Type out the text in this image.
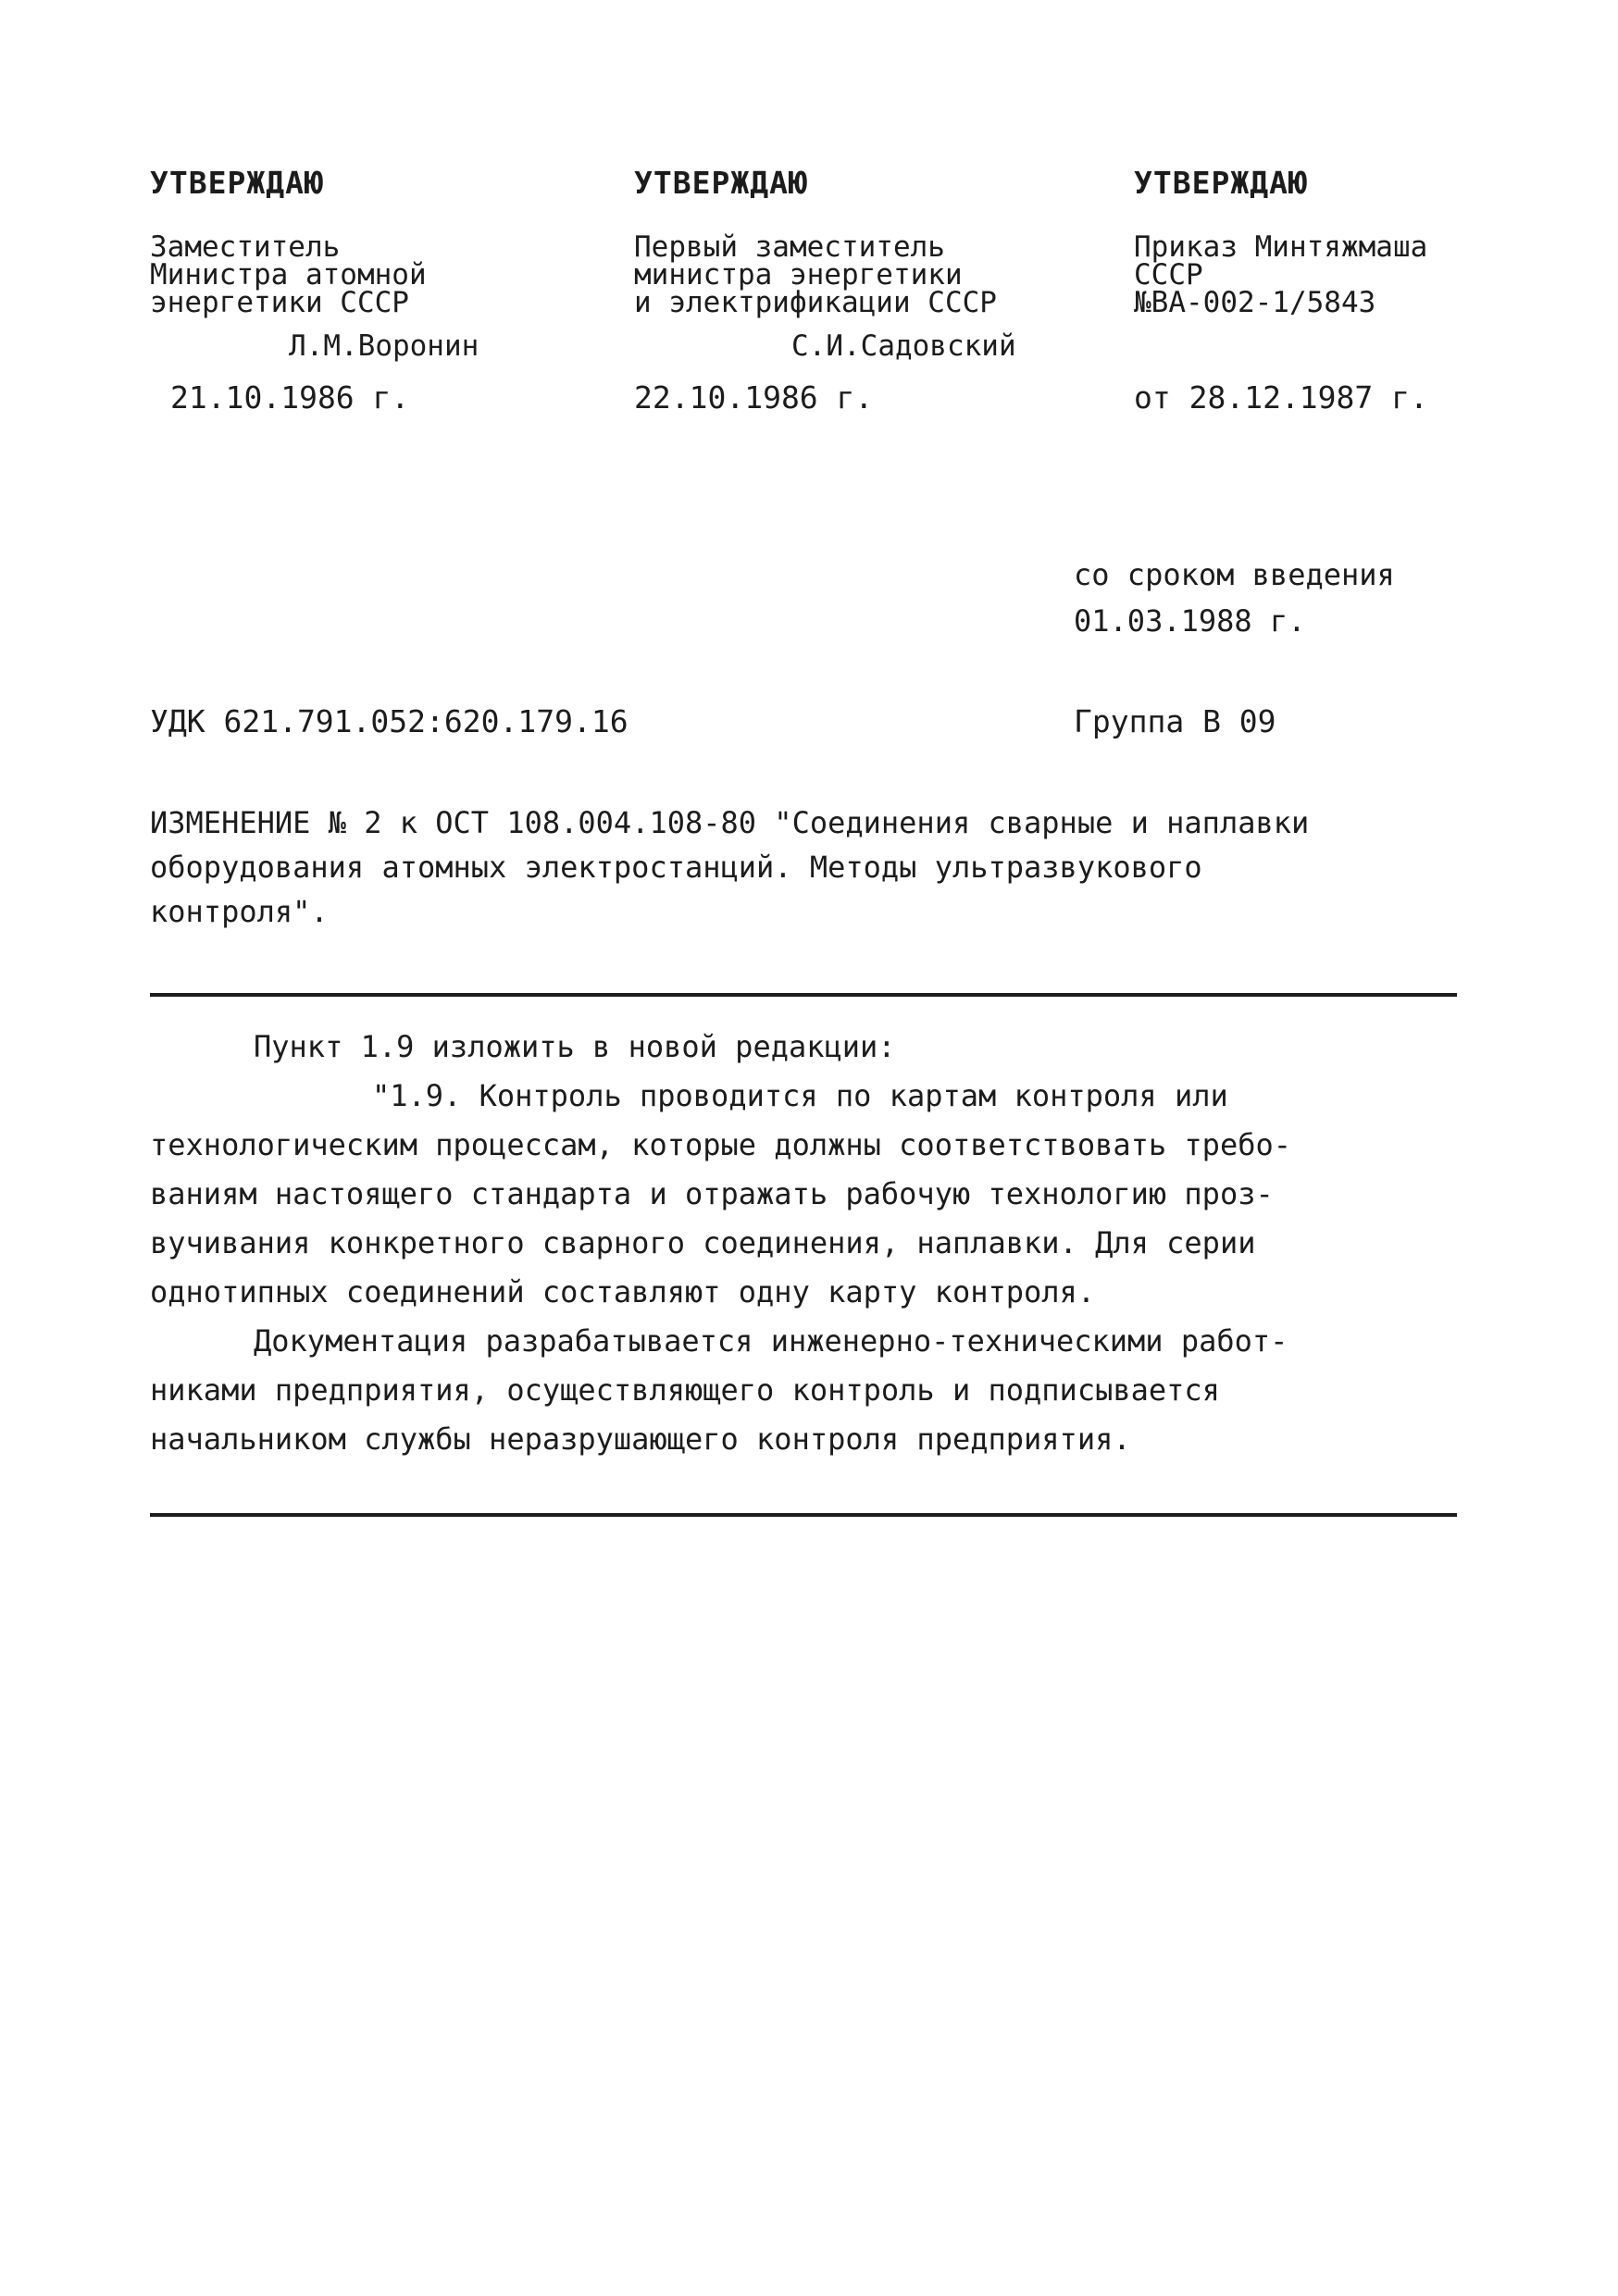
УТВЕРЖДАЮ
Заместитель
Министра атомной
энергетики СССР
Л.М.Воронин
21.10.1986 г.
УТВЕРЖДАЮ
Первый заместитель
министра энергетики
и электрификации СССР
С.И.Садовский
22.10.1986 г.
УТВЕРЖДАЮ
Приказ Минтяжмаша
СССР
№ВА-002-1/5843
от 28.12.1987 г.
со сроком введения
01.03.1988 г.
УДК 621.791.052:620.179.16	Группа В 09
ИЗМЕНЕНИЕ № 2 к ОСТ 108.004.108-80 "Соединения сварные и наплавки
оборудования атомных электростанций. Методы ультразвукового
контроля".
Пункт 1.9 изложить в новой редакции:
"1.9. Контроль проводится по картам контроля или
технологическим процессам, которые должны соответствовать требо-
ваниям настоящего стандарта и отражать рабочую технологию проз-
вучивания конкретного сварного соединения, наплавки. Для серии
однотипных соединений составляют одну карту контроля.
Документация разрабатывается инженерно-техническими работ-
никами предприятия, осуществляющего контроль и подписывается
начальником службы неразрушающего контроля предприятия.
